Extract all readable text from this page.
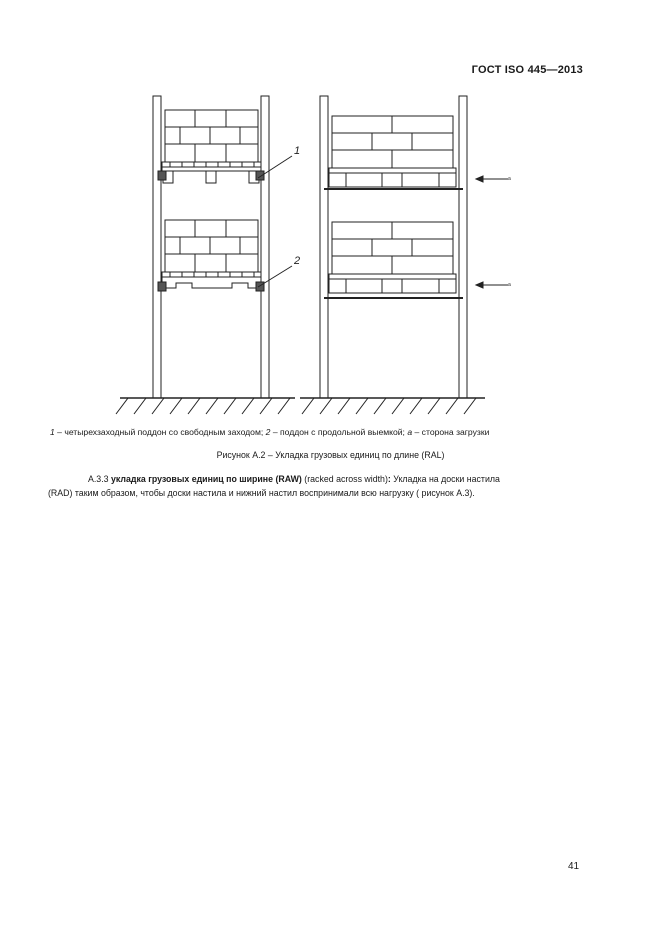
ГОСТ ISO 445—2013
1
2
a
a
1 – четырехзаходный поддон со свободным заходом; 2 – поддон с продольной выемкой; a – сторона загрузки
Рисунок А.2 – Укладка грузовых единиц по длине (RAL)
А.3.3 укладка грузовых единиц по ширине (RAW) (racked across width): Укладка на доски настила
(RAD) таким образом, чтобы доски настила и нижний настил воспринимали всю нагрузку ( рисунок А.3).
41
